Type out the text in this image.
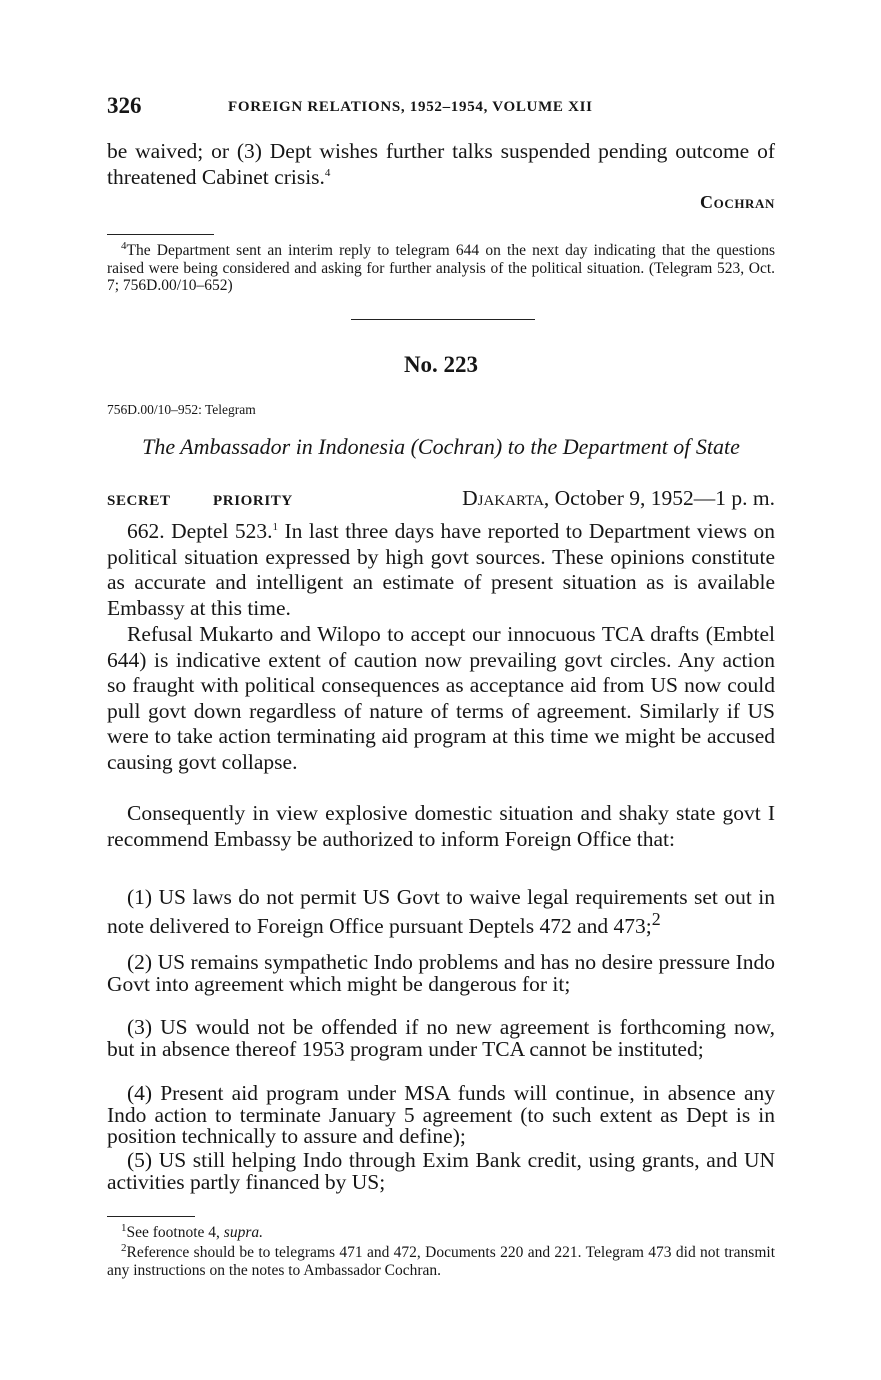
326	FOREIGN RELATIONS, 1952–1954, VOLUME XII

be waived; or (3) Dept wishes further talks suspended pending outcome of threatened Cabinet crisis.$^4$

Cochran

$^4$The Department sent an interim reply to telegram 644 on the next day indicating that the questions raised were being considered and asking for further analysis of the political situation. (Telegram 523, Oct. 7; 756D.00/10–652)

No. 223
756D.00/10–952: Telegram
The Ambassador in Indonesia (Cochran) to the Department of State
SECRET	PRIORITY	Djakarta, October 9, 1952—1 p. m.

662. Deptel 523.$^1$ In last three days have reported to Department views on political situation expressed by high govt sources. These opinions constitute as accurate and intelligent an estimate of present situation as is available Embassy at this time.

Refusal Mukarto and Wilopo to accept our innocuous TCA drafts (Embtel 644) is indicative extent of caution now prevailing govt circles. Any action so fraught with political consequences as acceptance aid from US now could pull govt down regardless of nature of terms of agreement. Similarly if US were to take action terminating aid program at this time we might be accused causing govt collapse.

Consequently in view explosive domestic situation and shaky state govt I recommend Embassy be authorized to inform Foreign Office that:

(1) US laws do not permit US Govt to waive legal requirements set out in note delivered to Foreign Office pursuant Deptels 472 and 473;$^2$

(2) US remains sympathetic Indo problems and has no desire pressure Indo Govt into agreement which might be dangerous for it;

(3) US would not be offended if no new agreement is forthcoming now, but in absence thereof 1953 program under TCA cannot be instituted;

(4) Present aid program under MSA funds will continue, in absence any Indo action to terminate January 5 agreement (to such extent as Dept is in position technically to assure and define);

(5) US still helping Indo through Exim Bank credit, using grants, and UN activities partly financed by US;

$^1$See footnote 4, supra.

$^2$Reference should be to telegrams 471 and 472, Documents 220 and 221. Telegram 473 did not transmit any instructions on the notes to Ambassador Cochran.
